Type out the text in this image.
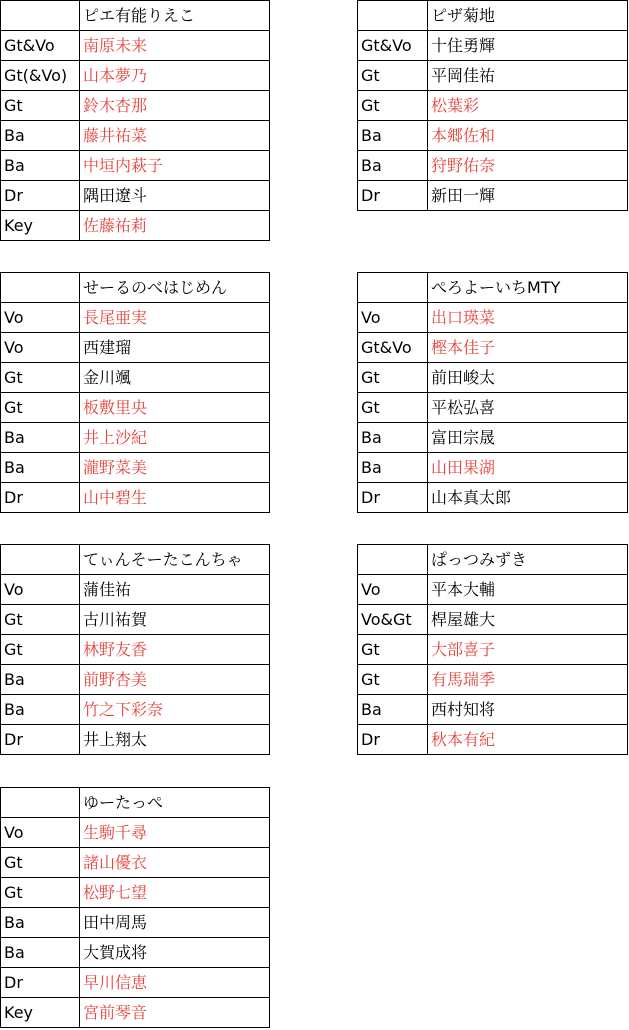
	ピエ有能りえこ
Gt&Vo	南原未来
Gt(&Vo)	山本夢乃
Gt	鈴木杏那
Ba	藤井祐菜
Ba	中垣内萩子
Dr	隅田遼斗
Key	佐藤祐莉
	ピザ菊地
Gt&Vo	十住勇輝
Gt	平岡佳祐
Gt	松葉彩
Ba	本郷佐和
Ba	狩野佑奈
Dr	新田一輝
	せーるのべはじめん
Vo	長尾亜実
Vo	西建瑠
Gt	金川颯
Gt	板敷里央
Ba	井上沙紀
Ba	瀧野菜美
Dr	山中碧生
	ぺろよーいちMTY
Vo	出口瑛菜
Gt&Vo	樫本佳子
Gt	前田峻太
Gt	平松弘喜
Ba	富田宗晟
Ba	山田果湖
Dr	山本真太郎
	てぃんそーたこんちゃ
Vo	蒲佳祐
Gt	古川祐賀
Gt	林野友香
Ba	前野杏美
Ba	竹之下彩奈
Dr	井上翔太
	ぱっつみずき
Vo	平本大輔
Vo&Gt	桿屋雄大
Gt	大部喜子
Gt	有馬瑞季
Ba	西村知将
Dr	秋本有紀
	ゆーたっぺ
Vo	生駒千尋
Gt	諸山優衣
Gt	松野七望
Ba	田中周馬
Ba	大賀成将
Dr	早川信恵
Key	宮前琴音
